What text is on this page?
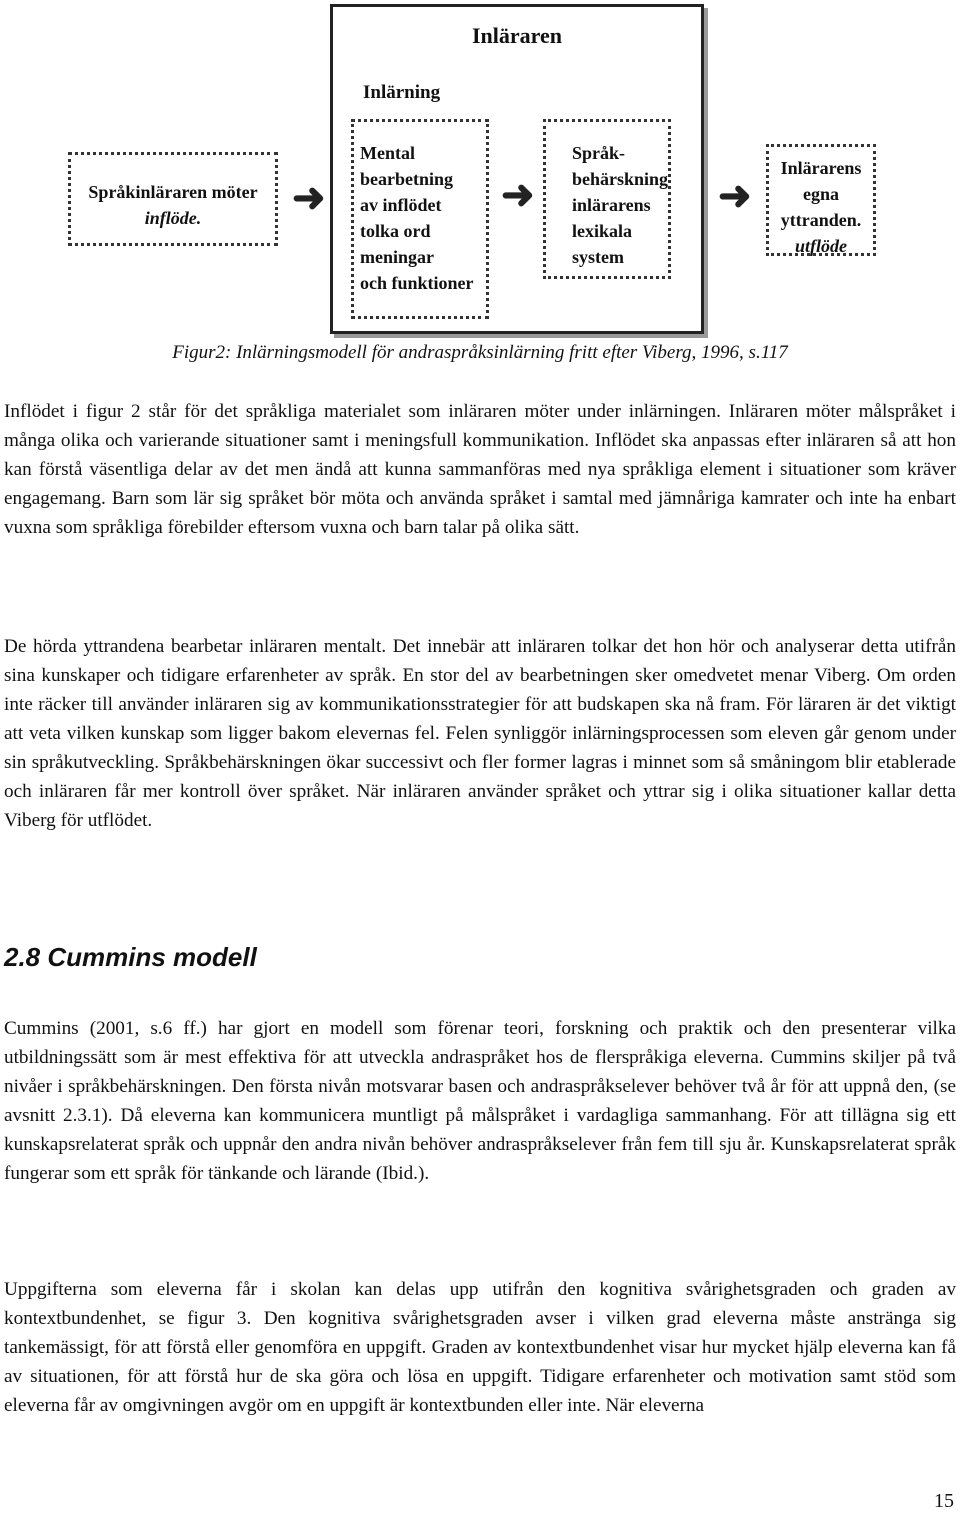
Språkinläraren möter
inflöde.	➜
Inläraren
Inlärning
Mental
bearbetning
av inflödet
tolka ord
meningar
och funktioner
➜
Språk-
behärskning
inlärarens
lexikala
system
➜
Inlärarens
egna
yttranden.
utflöde
Figur2: Inlärningsmodell för andraspråksinlärning fritt efter Viberg, 1996, s.117

Inflödet i figur 2 står för det språkliga materialet som inläraren möter under inlärningen. Inläraren möter målspråket i många olika och varierande situationer samt i meningsfull kommunikation. Inflödet ska anpassas efter inläraren så att hon kan förstå väsentliga delar av det men ändå att kunna sammanföras med nya språkliga element i situationer som kräver engagemang. Barn som lär sig språket bör möta och använda språket i samtal med jämnåriga kamrater och inte ha enbart vuxna som språkliga förebilder eftersom vuxna och barn talar på olika sätt.

De hörda yttrandena bearbetar inläraren mentalt. Det innebär att inläraren tolkar det hon hör och analyserar detta utifrån sina kunskaper och tidigare erfarenheter av språk. En stor del av bearbetningen sker omedvetet menar Viberg. Om orden inte räcker till använder inläraren sig av kommunikationsstrategier för att budskapen ska nå fram. För läraren är det viktigt att veta vilken kunskap som ligger bakom elevernas fel. Felen synliggör inlärningsprocessen som eleven går genom under sin språkutveckling. Språkbehärskningen ökar successivt och fler former lagras i minnet som så småningom blir etablerade och inläraren får mer kontroll över språket. När inläraren använder språket och yttrar sig i olika situationer kallar detta Viberg för utflödet.

2.8 Cummins modell

Cummins (2001, s.6 ff.) har gjort en modell som förenar teori, forskning och praktik och den presenterar vilka utbildningssätt som är mest effektiva för att utveckla andraspråket hos de flerspråkiga eleverna. Cummins skiljer på två nivåer i språkbehärskningen. Den första nivån motsvarar basen och andraspråkselever behöver två år för att uppnå den, (se avsnitt 2.3.1). Då eleverna kan kommunicera muntligt på målspråket i vardagliga sammanhang. För att tillägna sig ett kunskapsrelaterat språk och uppnår den andra nivån behöver andraspråkselever från fem till sju år. Kunskapsrelaterat språk fungerar som ett språk för tänkande och lärande (Ibid.).

Uppgifterna som eleverna får i skolan kan delas upp utifrån den kognitiva svårighetsgraden och graden av kontextbundenhet, se figur 3. Den kognitiva svårighetsgraden avser i vilken grad eleverna måste anstränga sig tankemässigt, för att förstå eller genomföra en uppgift. Graden av kontextbundenhet visar hur mycket hjälp eleverna kan få av situationen, för att förstå hur de ska göra och lösa en uppgift. Tidigare erfarenheter och motivation samt stöd som eleverna får av omgivningen avgör om en uppgift är kontextbunden eller inte. När eleverna

15
